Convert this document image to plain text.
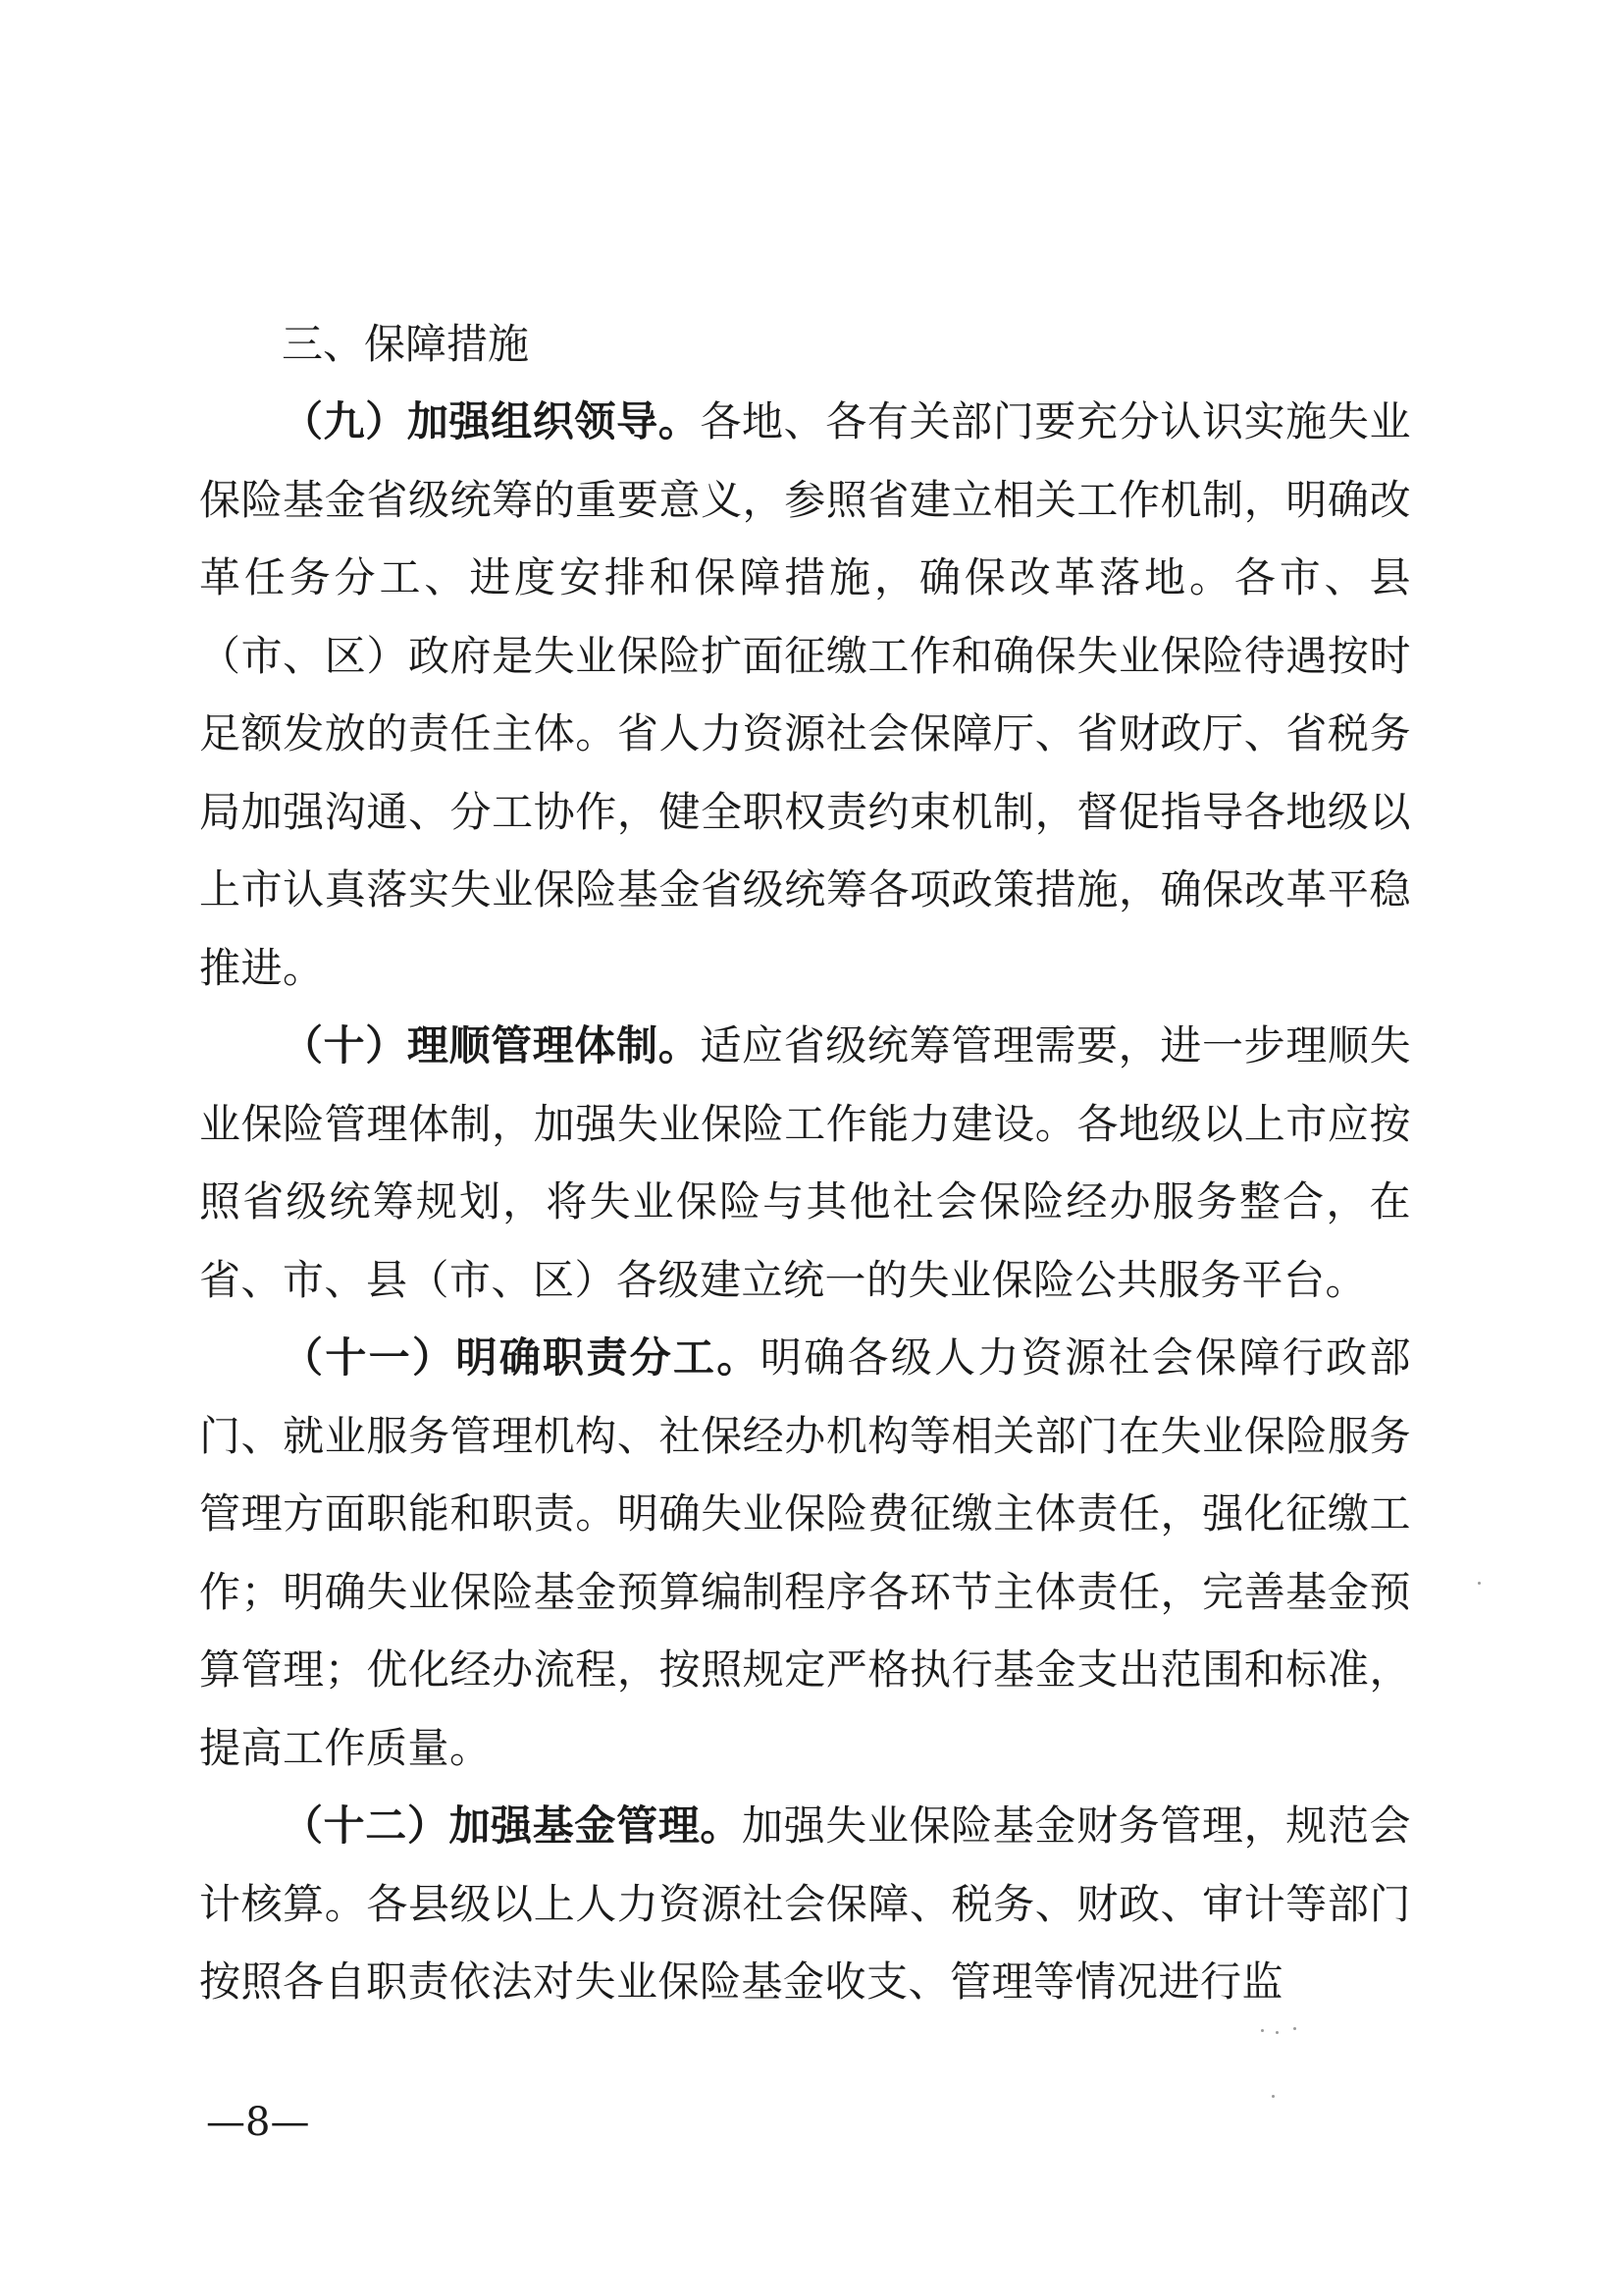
三、保障措施

（九）加强组织领导。各地、各有关部门要充分认识实施失业保险基金省级统筹的重要意义，参照省建立相关工作机制，明确改革任务分工、进度安排和保障措施，确保改革落地。各市、县（市、区）政府是失业保险扩面征缴工作和确保失业保险待遇按时足额发放的责任主体。省人力资源社会保障厅、省财政厅、省税务局加强沟通、分工协作，健全职权责约束机制，督促指导各地级以上市认真落实失业保险基金省级统筹各项政策措施，确保改革平稳推进。

（十）理顺管理体制。适应省级统筹管理需要，进一步理顺失业保险管理体制，加强失业保险工作能力建设。各地级以上市应按照省级统筹规划，将失业保险与其他社会保险经办服务整合，在省、市、县（市、区）各级建立统一的失业保险公共服务平台。

（十一）明确职责分工。明确各级人力资源社会保障行政部门、就业服务管理机构、社保经办机构等相关部门在失业保险服务管理方面职能和职责。明确失业保险费征缴主体责任，强化征缴工作；明确失业保险基金预算编制程序各环节主体责任，完善基金预算管理；优化经办流程，按照规定严格执行基金支出范围和标准，提高工作质量。

（十二）加强基金管理。加强失业保险基金财务管理，规范会计核算。各县级以上人力资源社会保障、税务、财政、审计等部门按照各自职责依法对失业保险基金收支、管理等情况进行监

—8—
